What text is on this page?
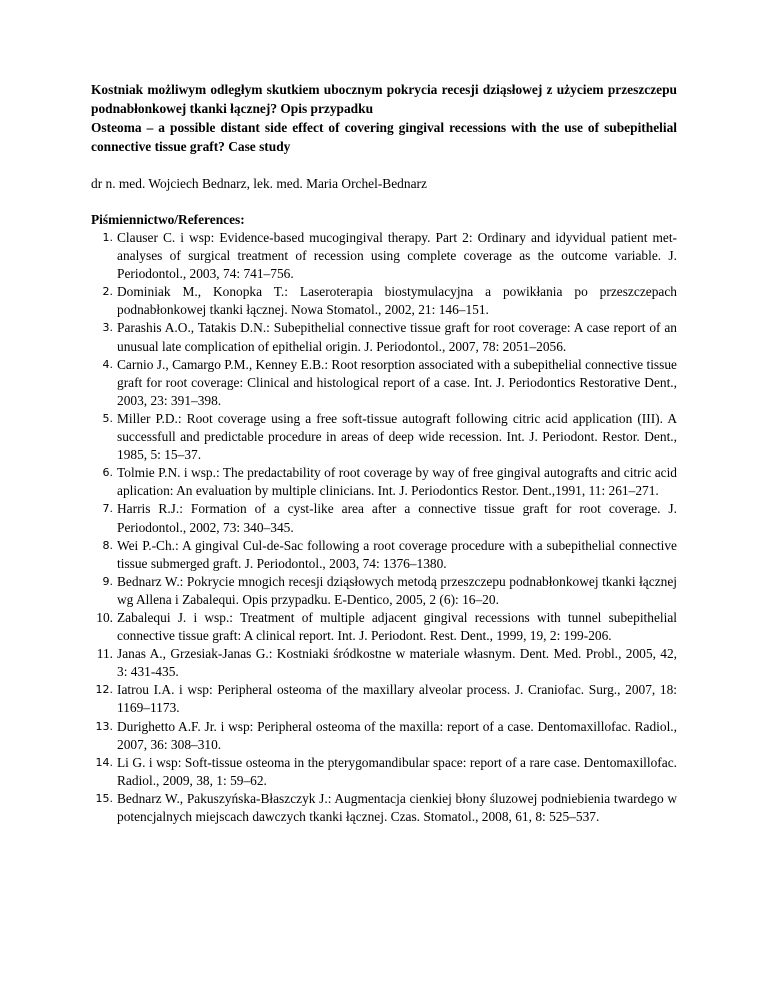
Kostniak możliwym odległym skutkiem ubocznym pokrycia recesji dziąsłowej z użyciem przeszczepu podnabłonkowej tkanki łącznej? Opis przypadku
Osteoma – a possible distant side effect of covering gingival recessions with the use of subepithelial connective tissue graft? Case study

dr n. med. Wojciech Bednarz, lek. med. Maria Orchel-Bednarz

Piśmiennictwo/References:

1. Clauser C. i wsp: Evidence-based mucogingival therapy. Part 2: Ordinary and idyvidual patient met-analyses of surgical treatment of recession using complete coverage as the outcome variable. J. Periodontol., 2003, 74: 741–756.
2. Dominiak M., Konopka T.: Laseroterapia biostymulacyjna a powikłania po przeszczepach podnabłonkowej tkanki łącznej. Nowa Stomatol., 2002, 21: 146–151.
3. Parashis A.O., Tatakis D.N.: Subepithelial connective tissue graft for root coverage: A case report of an unusual late complication of epithelial origin. J. Periodontol., 2007, 78: 2051–2056.
4. Carnio J., Camargo P.M., Kenney E.B.: Root resorption associated with a subepithelial connective tissue graft for root coverage: Clinical and histological report of a case. Int. J. Periodontics Restorative Dent., 2003, 23: 391–398.
5. Miller P.D.: Root coverage using a free soft-tissue autograft following citric acid application (III). A successfull and predictable procedure in areas of deep wide recession. Int. J. Periodont. Restor. Dent., 1985, 5: 15–37.
6. Tolmie P.N. i wsp.: The predactability of root coverage by way of free gingival autografts and citric acid aplication: An evaluation by multiple clinicians. Int. J. Periodontics Restor. Dent.,1991, 11: 261–271.
7. Harris R.J.: Formation of a cyst-like area after a connective tissue graft for root coverage. J. Periodontol., 2002, 73: 340–345.
8. Wei P.-Ch.: A gingival Cul-de-Sac following a root coverage procedure with a subepithelial connective tissue submerged graft. J. Periodontol., 2003, 74: 1376–1380.
9. Bednarz W.: Pokrycie mnogich recesji dziąsłowych metodą przeszczepu podnabłonkowej tkanki łącznej wg Allena i Zabalequi. Opis przypadku. E-Dentico, 2005, 2 (6): 16–20.
10. Zabalequi J. i wsp.: Treatment of multiple adjacent gingival recessions with tunnel subepithelial connective tissue graft: A clinical report. Int. J. Periodont. Rest. Dent., 1999, 19, 2: 199-206.
11. Janas A., Grzesiak-Janas G.: Kostniaki śródkostne w materiale własnym. Dent. Med. Probl., 2005, 42, 3: 431-435.
12. Iatrou I.A. i wsp: Peripheral osteoma of the maxillary alveolar process. J. Craniofac. Surg., 2007, 18: 1169–1173.
13. Durighetto A.F. Jr. i wsp: Peripheral osteoma of the maxilla: report of a case. Dentomaxillofac. Radiol., 2007, 36: 308–310.
14. Li G. i wsp: Soft-tissue osteoma in the pterygomandibular space: report of a rare case. Dentomaxillofac. Radiol., 2009, 38, 1: 59–62.
15. Bednarz W., Pakuszyńska-Błaszczyk J.: Augmentacja cienkiej błony śluzowej podniebienia twardego w potencjalnych miejscach dawczych tkanki łącznej. Czas. Stomatol., 2008, 61, 8: 525–537.
